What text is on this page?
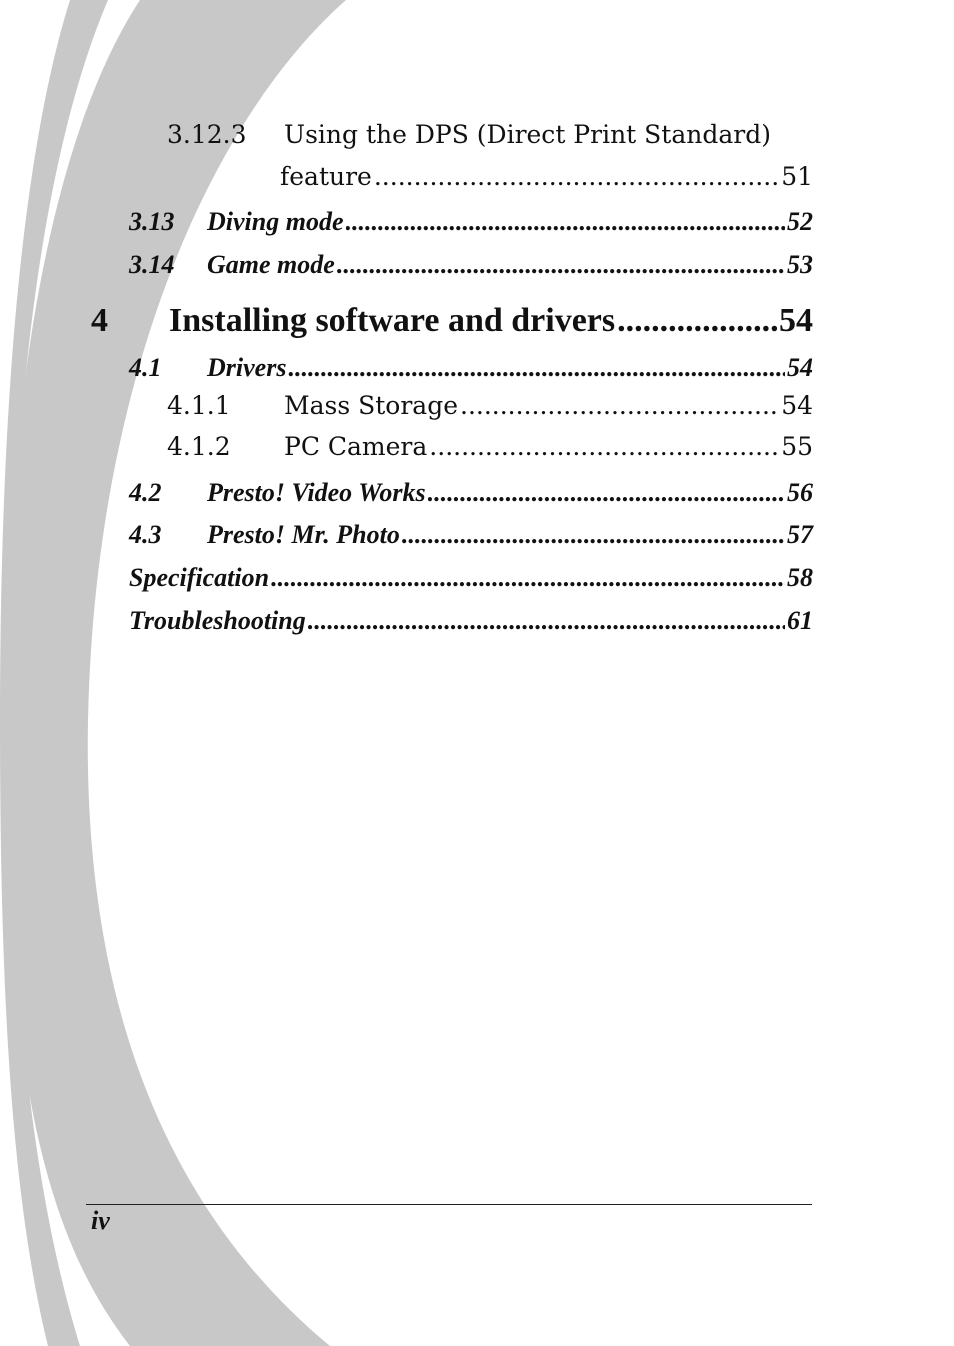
3.12.3 Using the DPS (Direct Print Standard)
feature .....	51
3.13	Diving mode .....	52
3.14	Game mode .....	53
4	Installing software and drivers .....	54
4.1	Drivers .....	54
4.1.1	Mass Storage .....	54
4.1.2	PC Camera .....	55
4.2	Presto! Video Works .....	56
4.3	Presto! Mr. Photo .....	57
Specification .....	58
Troubleshooting .....	61
iv
